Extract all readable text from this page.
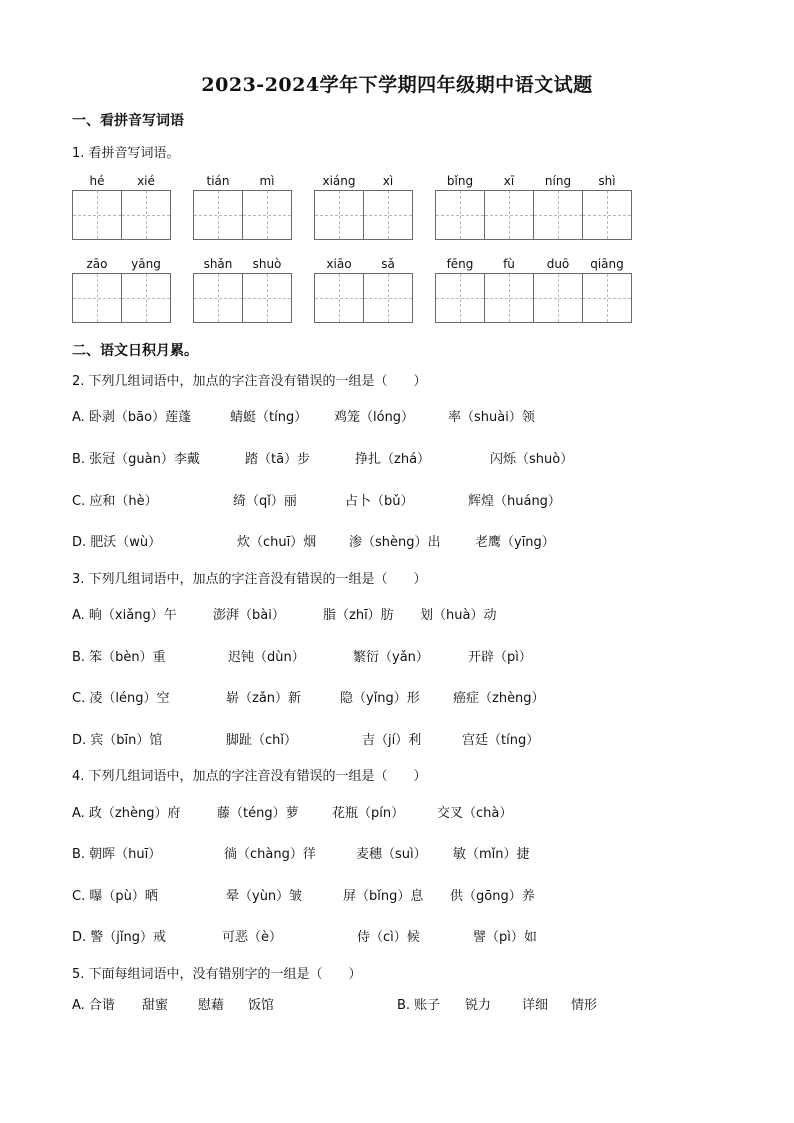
2023-2024学年下学期四年级期中语文试题
一、看拼音写词语
1. 看拼音写词语。
hé	xié	tián	mì	xiáng	xì	bǐng	xī	níng	shì
zāo	yāng	shǎn	shuò	xiāo	sǎ	fēng	fù	duō	qiāng
二、语文日积月累。
2. 下列几组词语中，加点的字注音没有错误的一组是（　　）
A. 卧剥（bāo）莲蓬	蜻蜓（tíng） 鸡笼（lóng）	率（shuài）领
B. 张冠（guàn）李戴	踏（tā）步	挣扎（zhá）	闪烁（shuò）
C. 应和（hè）	绮（qǐ）丽	占卜（bǔ）	辉煌（huáng）
D. 肥沃（wù）	炊（chuī）烟	渗（shèng）出	老鹰（yīng）
3. 下列几组词语中，加点的字注音没有错误的一组是（　　）
A. 晌（xiǎng）午	澎湃（bài）	脂（zhī）肪 划（huà）动
B. 笨（bèn）重	迟钝（dùn）	繁衍（yǎn）	开辟（pì）
C. 凌（léng）空	崭（zǎn）新	隐（yǐng）形	癌症（zhèng）
D. 宾（bīn）馆	脚趾（chǐ）	吉（jí）利	宫廷（tíng）
4. 下列几组词语中，加点的字注音没有错误的一组是（　　）
A. 政（zhèng）府	藤（téng）萝	花瓶（pín）	交叉（chà）
B. 朝晖（huī）	徜（chàng）徉	麦穗（suì） 敏（mǐn）捷
C. 曝（pù）晒	晕（yùn）皱	屏（bǐng）息 供（gōng）养
D. 警（jǐng）戒	可恶（è）	侍（cì）候	譬（pì）如
5. 下面每组词语中，没有错别字的一组是（　　）
A. 合谐 甜蜜 慰藉 饭馆	B. 账子 锐力 详细 情形
